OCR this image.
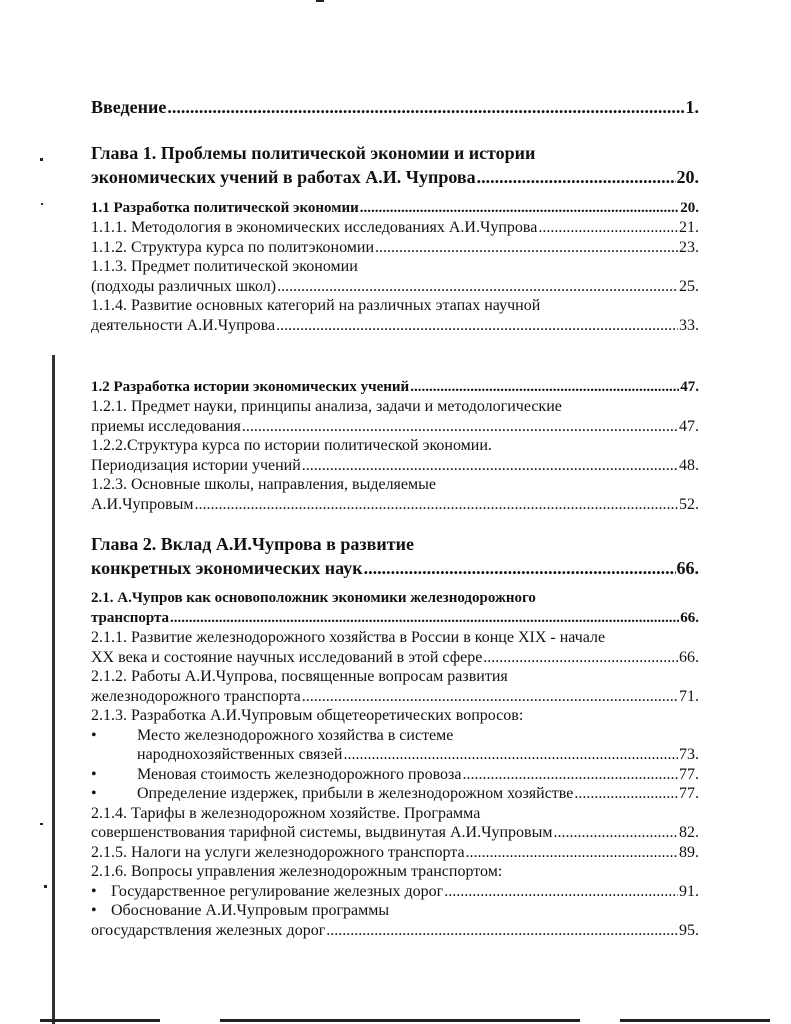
Введение .....	1.
Глава 1. Проблемы политической экономии и истории
экономических учений в работах А.И. Чупрова .....	20.
1.1 Разработка политической экономии .....	20.
1.1.1. Методология в экономических исследованиях А.И.Чупрова .....	21.
1.1.2. Структура курса по политэкономии .....	23.
1.1.3. Предмет политической экономии
(подходы различных школ) .....	25.
1.1.4. Развитие основных категорий на различных этапах научной
деятельности А.И.Чупрова .....	33.
1.2 Разработка истории экономических учений .....	47.
1.2.1. Предмет науки, принципы анализа, задачи и методологические
приемы исследования .....	47.
1.2.2.Структура курса по истории политической экономии.
Периодизация истории учений .....	48.
1.2.3. Основные школы, направления, выделяемые
А.И.Чупровым .....	52.
Глава 2. Вклад А.И.Чупрова в развитие
конкретных экономических наук .....	66.
2.1. А.Чупров как основоположник экономики железнодорожного
транспорта .....	66.
2.1.1. Развитие железнодорожного хозяйства в России в конце XIX - начале
XX века и состояние научных исследований в этой сфере .....	66.
2.1.2. Работы А.И.Чупрова, посвященные вопросам развития
железнодорожного транспорта .....	71.
2.1.3. Разработка А.И.Чупровым общетеоретических вопросов:
•	Место железнодорожного хозяйства в системе
народнохозяйственных связей .....	73.
•	Меновая стоимость железнодорожного провоза .....	77.
•	Определение издержек, прибыли в железнодорожном хозяйстве .....	77.
2.1.4. Тарифы в железнодорожном хозяйстве. Программа
совершенствования тарифной системы, выдвинутая А.И.Чупровым .....	82.
2.1.5. Налоги на услуги железнодорожного транспорта .....	89.
2.1.6. Вопросы управления железнодорожным транспортом:
• Государственное регулирование железных дорог .....	91.
• Обоснование А.И.Чупровым программы
огосударствления железных дорог .....	95.
